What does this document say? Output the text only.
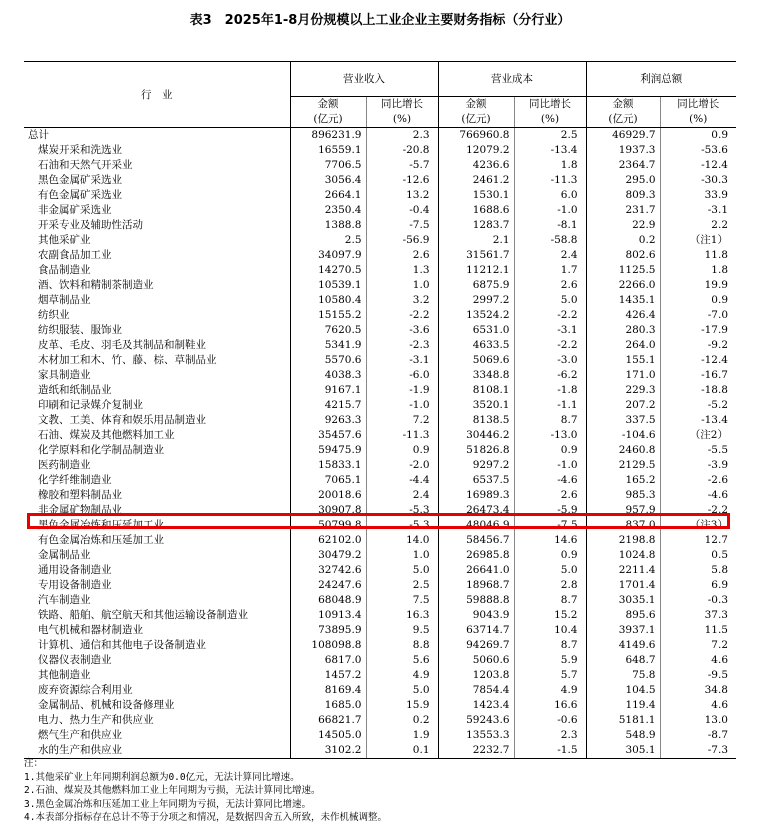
表3　2025年1-8月份规模以上工业企业主要财务指标（分行业）
行　业	营业收入		营业成本		利润总额	
	金额	同比增长	金额	同比增长	金额	同比增长
	(亿元)	(%)	(亿元)	(%)	(亿元)	(%)
总计	896231.9	2.3	766960.8	2.5	46929.7	0.9
煤炭开采和洗选业	16559.1	-20.8	12079.2	-13.4	1937.3	-53.6
石油和天然气开采业	7706.5	-5.7	4236.6	1.8	2364.7	-12.4
黑色金属矿采选业	3056.4	-12.6	2461.2	-11.3	295.0	-30.3
有色金属矿采选业	2664.1	13.2	1530.1	6.0	809.3	33.9
非金属矿采选业	2350.4	-0.4	1688.6	-1.0	231.7	-3.1
开采专业及辅助性活动	1388.8	-7.5	1283.7	-8.1	22.9	2.2
其他采矿业	2.5	-56.9	2.1	-58.8	0.2	（注1）
农副食品加工业	34097.9	2.6	31561.7	2.4	802.6	11.8
食品制造业	14270.5	1.3	11212.1	1.7	1125.5	1.8
酒、饮料和精制茶制造业	10539.1	1.0	6875.9	2.6	2266.0	19.9
烟草制品业	10580.4	3.2	2997.2	5.0	1435.1	0.9
纺织业	15155.2	-2.2	13524.2	-2.2	426.4	-7.0
纺织服装、服饰业	7620.5	-3.6	6531.0	-3.1	280.3	-17.9
皮革、毛皮、羽毛及其制品和制鞋业	5341.9	-2.3	4633.5	-2.2	264.0	-9.2
木材加工和木、竹、藤、棕、草制品业	5570.6	-3.1	5069.6	-3.0	155.1	-12.4
家具制造业	4038.3	-6.0	3348.8	-6.2	171.0	-16.7
造纸和纸制品业	9167.1	-1.9	8108.1	-1.8	229.3	-18.8
印刷和记录媒介复制业	4215.7	-1.0	3520.1	-1.1	207.2	-5.2
文教、工美、体育和娱乐用品制造业	9263.3	7.2	8138.5	8.7	337.5	-13.4
石油、煤炭及其他燃料加工业	35457.6	-11.3	30446.2	-13.0	-104.6	（注2）
化学原料和化学制品制造业	59475.9	0.9	51826.8	0.9	2460.8	-5.5
医药制造业	15833.1	-2.0	9297.2	-1.0	2129.5	-3.9
化学纤维制造业	7065.1	-4.4	6537.5	-4.6	165.2	-2.6
橡胶和塑料制品业	20018.6	2.4	16989.3	2.6	985.3	-4.6
非金属矿物制品业	30907.8	-5.3	26473.4	-5.9	957.9	-2.2
黑色金属冶炼和压延加工业	50799.8	-5.3	48046.9	-7.5	837.0	（注3）
有色金属冶炼和压延加工业	62102.0	14.0	58456.7	14.6	2198.8	12.7
金属制品业	30479.2	1.0	26985.8	0.9	1024.8	0.5
通用设备制造业	32742.6	5.0	26641.0	5.0	2211.4	5.8
专用设备制造业	24247.6	2.5	18968.7	2.8	1701.4	6.9
汽车制造业	68048.9	7.5	59888.8	8.7	3035.1	-0.3
铁路、船舶、航空航天和其他运输设备制造业	10913.4	16.3	9043.9	15.2	895.6	37.3
电气机械和器材制造业	73895.9	9.5	63714.7	10.4	3937.1	11.5
计算机、通信和其他电子设备制造业	108098.8	8.8	94269.7	8.7	4149.6	7.2
仪器仪表制造业	6817.0	5.6	5060.6	5.9	648.7	4.6
其他制造业	1457.2	4.9	1203.8	5.7	75.8	-9.5
废弃资源综合利用业	8169.4	5.0	7854.4	4.9	104.5	34.8
金属制品、机械和设备修理业	1685.0	15.9	1423.4	16.6	119.4	4.6
电力、热力生产和供应业	66821.7	0.2	59243.6	-0.6	5181.1	13.0
燃气生产和供应业	14505.0	1.9	13553.3	2.3	548.9	-8.7
水的生产和供应业	3102.2	0.1	2232.7	-1.5	305.1	-7.3
注：
1.其他采矿业上年同期利润总额为0.0亿元，无法计算同比增速。
2.石油、煤炭及其他燃料加工业上年同期为亏损，无法计算同比增速。
3.黑色金属冶炼和压延加工业上年同期为亏损，无法计算同比增速。
4.本表部分指标存在总计不等于分项之和情况，是数据四舍五入所致，未作机械调整。
